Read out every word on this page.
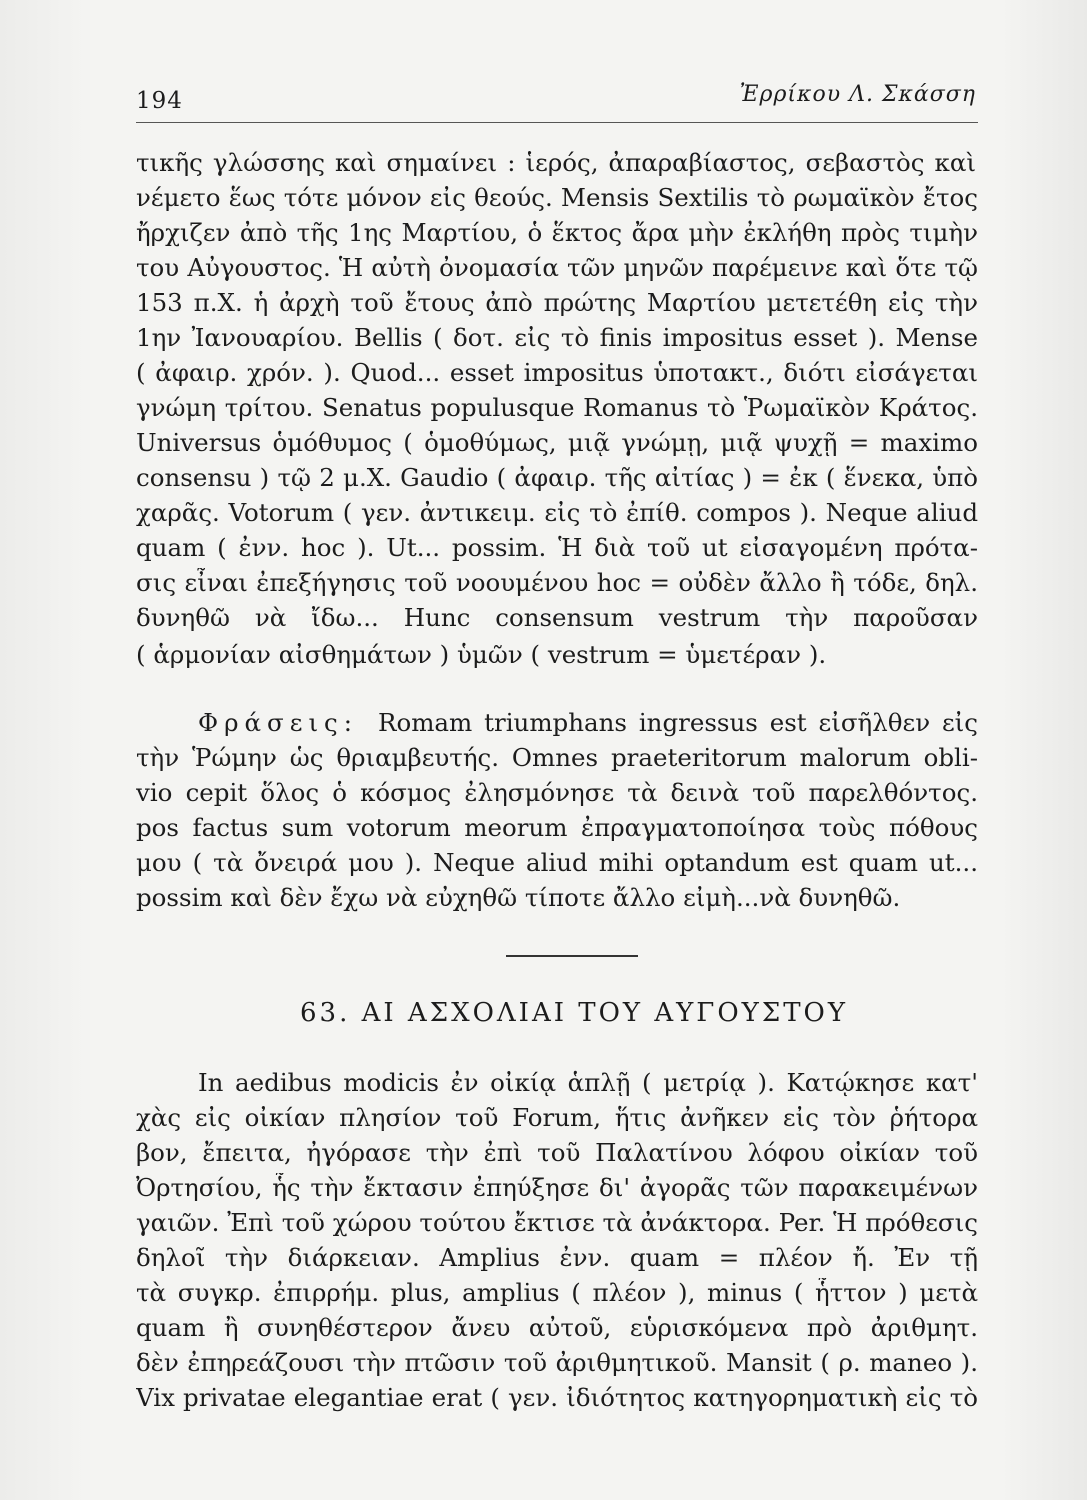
194	Ἐρρίκου Λ. Σκάσση
τικῆς γλώσσης καὶ σημαίνει : ἱερός, ἀπαραβίαστος, σεβαστὸς καὶ
νέμετο ἕως τότε μόνον εἰς θεούς. Mensis Sextilis τὸ ρωμαϊκὸν ἔτος
ἤρχιζεν ἀπὸ τῆς 1ης Μαρτίου, ὁ ἕκτος ἄρα μὴν ἐκλήθη πρὸς τιμὴν
του Αὐγουστος. Ἡ αὐτὴ ὀνομασία τῶν μηνῶν παρέμεινε καὶ ὅτε τῷ
153 π.Χ. ἡ ἀρχὴ τοῦ ἔτους ἀπὸ πρώτης Μαρτίου μετετέθη εἰς τὴν
1ην Ἰανουαρίου. Bellis ( δοτ. εἰς τὸ finis impositus esset ). Mense
( ἀφαιρ. χρόν. ). Quod... esset impositus ὑποτακτ., διότι εἰσάγεται
γνώμη τρίτου. Senatus populusque Romanus τὸ Ῥωμαϊκὸν Κράτος.
Universus ὁμόθυμος ( ὁμοθύμως, μιᾷ γνώμῃ, μιᾷ ψυχῇ = maximo
consensu ) τῷ 2 μ.Χ. Gaudio ( ἀφαιρ. τῆς αἰτίας ) = ἐκ ( ἕνεκα, ὑπὸ
χαρᾶς. Votorum ( γεν. ἀντικειμ. εἰς τὸ ἐπίθ. compos ). Neque aliud
quam ( ἐνν. hoc ). Ut... possim. Ἡ διὰ τοῦ ut εἰσαγομένη πρότα-
σις εἶναι ἐπεξήγησις τοῦ νοουμένου hoc = οὐδὲν ἄλλο ἢ τόδε, δηλ.
δυνηθῶ νὰ ἴδω... Hunc consensum vestrum τὴν παροῦσαν
( ἁρμονίαν αἰσθημάτων ) ὑμῶν ( vestrum = ὑμετέραν ).
Φράσεις: Romam triumphans ingressus est εἰσῆλθεν εἰς
τὴν Ῥώμην ὡς θριαμβευτής. Omnes praeteritorum malorum obli-
vio cepit ὅλος ὁ κόσμος ἐλησμόνησε τὰ δεινὰ τοῦ παρελθόντος.
pos factus sum votorum meorum ἐπραγματοποίησα τοὺς πόθους
μου ( τὰ ὄνειρά μου ). Neque aliud mihi optandum est quam ut...
possim καὶ δὲν ἔχω νὰ εὐχηθῶ τίποτε ἄλλο εἰμὴ...νὰ δυνηθῶ.
63. ΑΙ ΑΣΧΟΛΙΑΙ ΤΟΥ ΑΥΓΟΥΣΤΟΥ
In aedibus modicis ἐν οἰκίᾳ ἁπλῇ ( μετρίᾳ ). Κατῴκησε κατ'
χὰς εἰς οἰκίαν πλησίον τοῦ Forum, ἥτις ἀνῆκεν εἰς τὸν ῥήτορα
βον, ἔπειτα, ἠγόρασε τὴν ἐπὶ τοῦ Παλατίνου λόφου οἰκίαν τοῦ
Ὀρτησίου, ἧς τὴν ἔκτασιν ἐπηύξησε δι' ἀγορᾶς τῶν παρακειμένων
γαιῶν. Ἐπὶ τοῦ χώρου τούτου ἔκτισε τὰ ἀνάκτορα. Per. Ἡ πρόθεσις
δηλοῖ τὴν διάρκειαν. Amplius ἐνν. quam = πλέον ἤ. Ἐν τῇ
τὰ συγκρ. ἐπιρρήμ. plus, amplius ( πλέον ), minus ( ἧττον ) μετὰ
quam ἢ συνηθέστερον ἄνευ αὐτοῦ, εὑρισκόμενα πρὸ ἀριθμητ.
δὲν ἐπηρεάζουσι τὴν πτῶσιν τοῦ ἀριθμητικοῦ. Mansit ( ρ. maneo ).
Vix privatae elegantiae erat ( γεν. ἰδιότητος κατηγορηματικὴ εἰς τὸ
